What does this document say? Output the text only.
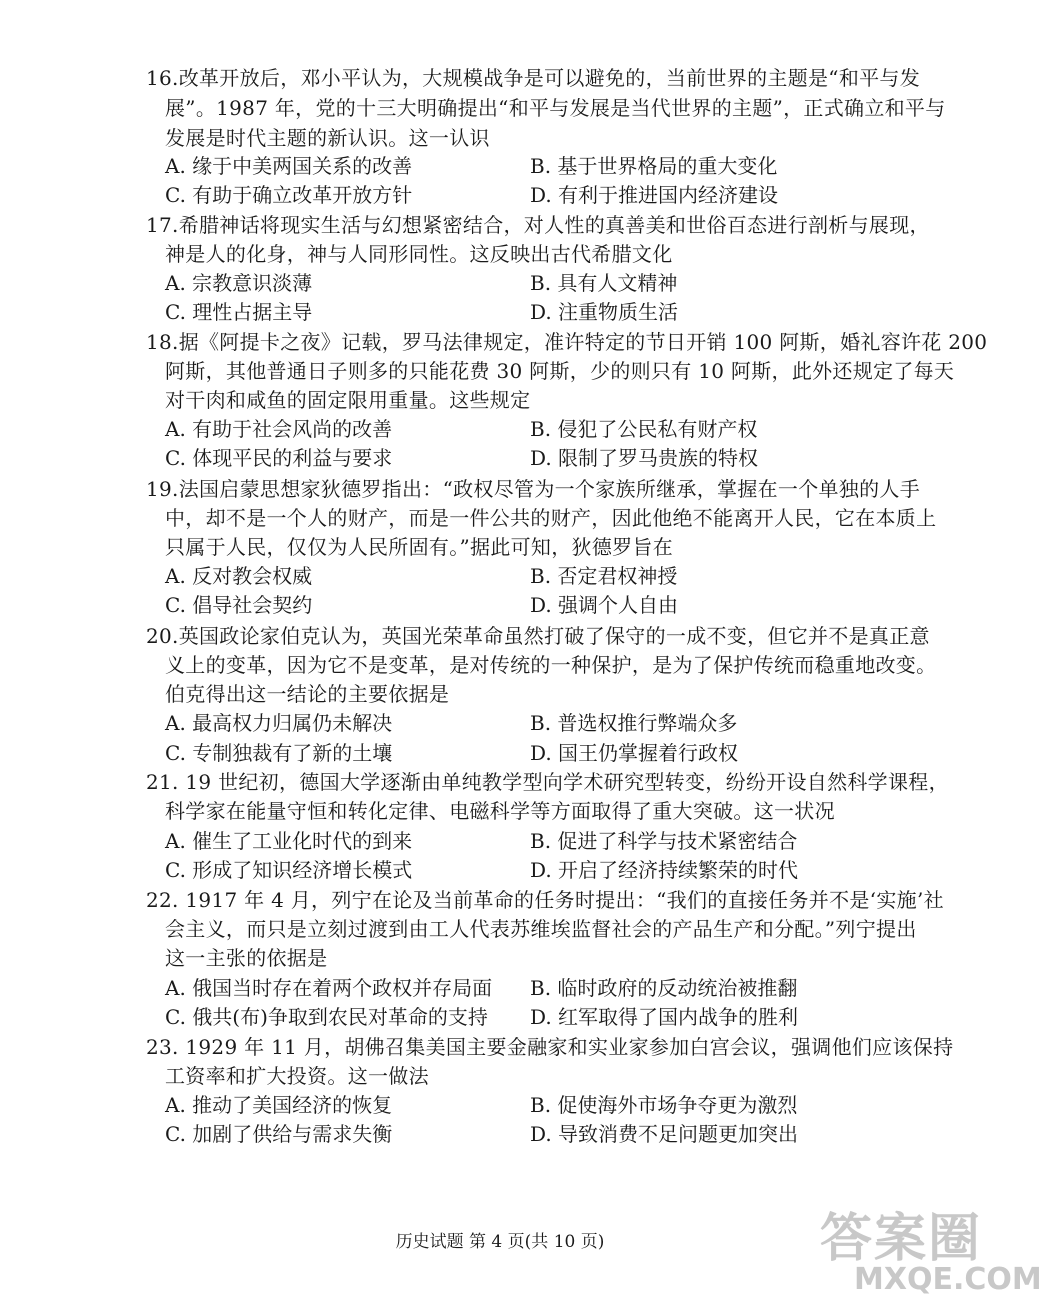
16.改革开放后，邓小平认为，大规模战争是可以避免的，当前世界的主题是“和平与发
展”。1987 年，党的十三大明确提出“和平与发展是当代世界的主题”，正式确立和平与
发展是时代主题的新认识。这一认识
A. 缘于中美两国关系的改善	B. 基于世界格局的重大变化
C. 有助于确立改革开放方针	D. 有利于推进国内经济建设
17.希腊神话将现实生活与幻想紧密结合，对人性的真善美和世俗百态进行剖析与展现，
神是人的化身，神与人同形同性。这反映出古代希腊文化
A. 宗教意识淡薄	B. 具有人文精神
C. 理性占据主导	D. 注重物质生活
18.据《阿提卡之夜》记载，罗马法律规定，准许特定的节日开销 100 阿斯，婚礼容许花 200
阿斯，其他普通日子则多的只能花费 30 阿斯，少的则只有 10 阿斯，此外还规定了每天
对干肉和咸鱼的固定限用重量。这些规定
A. 有助于社会风尚的改善	B. 侵犯了公民私有财产权
C. 体现平民的利益与要求	D. 限制了罗马贵族的特权
19.法国启蒙思想家狄德罗指出：“政权尽管为一个家族所继承，掌握在一个单独的人手
中，却不是一个人的财产，而是一件公共的财产，因此他绝不能离开人民，它在本质上
只属于人民，仅仅为人民所固有。”据此可知，狄德罗旨在
A. 反对教会权威	B. 否定君权神授
C. 倡导社会契约	D. 强调个人自由
20.英国政论家伯克认为，英国光荣革命虽然打破了保守的一成不变，但它并不是真正意
义上的变革，因为它不是变革，是对传统的一种保护，是为了保护传统而稳重地改变。
伯克得出这一结论的主要依据是
A. 最高权力归属仍未解决	B. 普选权推行弊端众多
C. 专制独裁有了新的土壤	D. 国王仍掌握着行政权
21. 19 世纪初，德国大学逐渐由单纯教学型向学术研究型转变，纷纷开设自然科学课程，
科学家在能量守恒和转化定律、电磁科学等方面取得了重大突破。这一状况
A. 催生了工业化时代的到来	B. 促进了科学与技术紧密结合
C. 形成了知识经济增长模式	D. 开启了经济持续繁荣的时代
22. 1917 年 4 月，列宁在论及当前革命的任务时提出：“我们的直接任务并不是‘实施’社
会主义，而只是立刻过渡到由工人代表苏维埃监督社会的产品生产和分配。”列宁提出
这一主张的依据是
A. 俄国当时存在着两个政权并存局面 B. 临时政府的反动统治被推翻
C. 俄共(布)争取到农民对革命的支持 D. 红军取得了国内战争的胜利
23. 1929 年 11 月，胡佛召集美国主要金融家和实业家参加白宫会议，强调他们应该保持
工资率和扩大投资。这一做法
A. 推动了美国经济的恢复	B. 促使海外市场争夺更为激烈
C. 加剧了供给与需求失衡	D. 导致消费不足问题更加突出
历史试题 第 4 页(共 10 页)	答案圈
MXQE.COM
